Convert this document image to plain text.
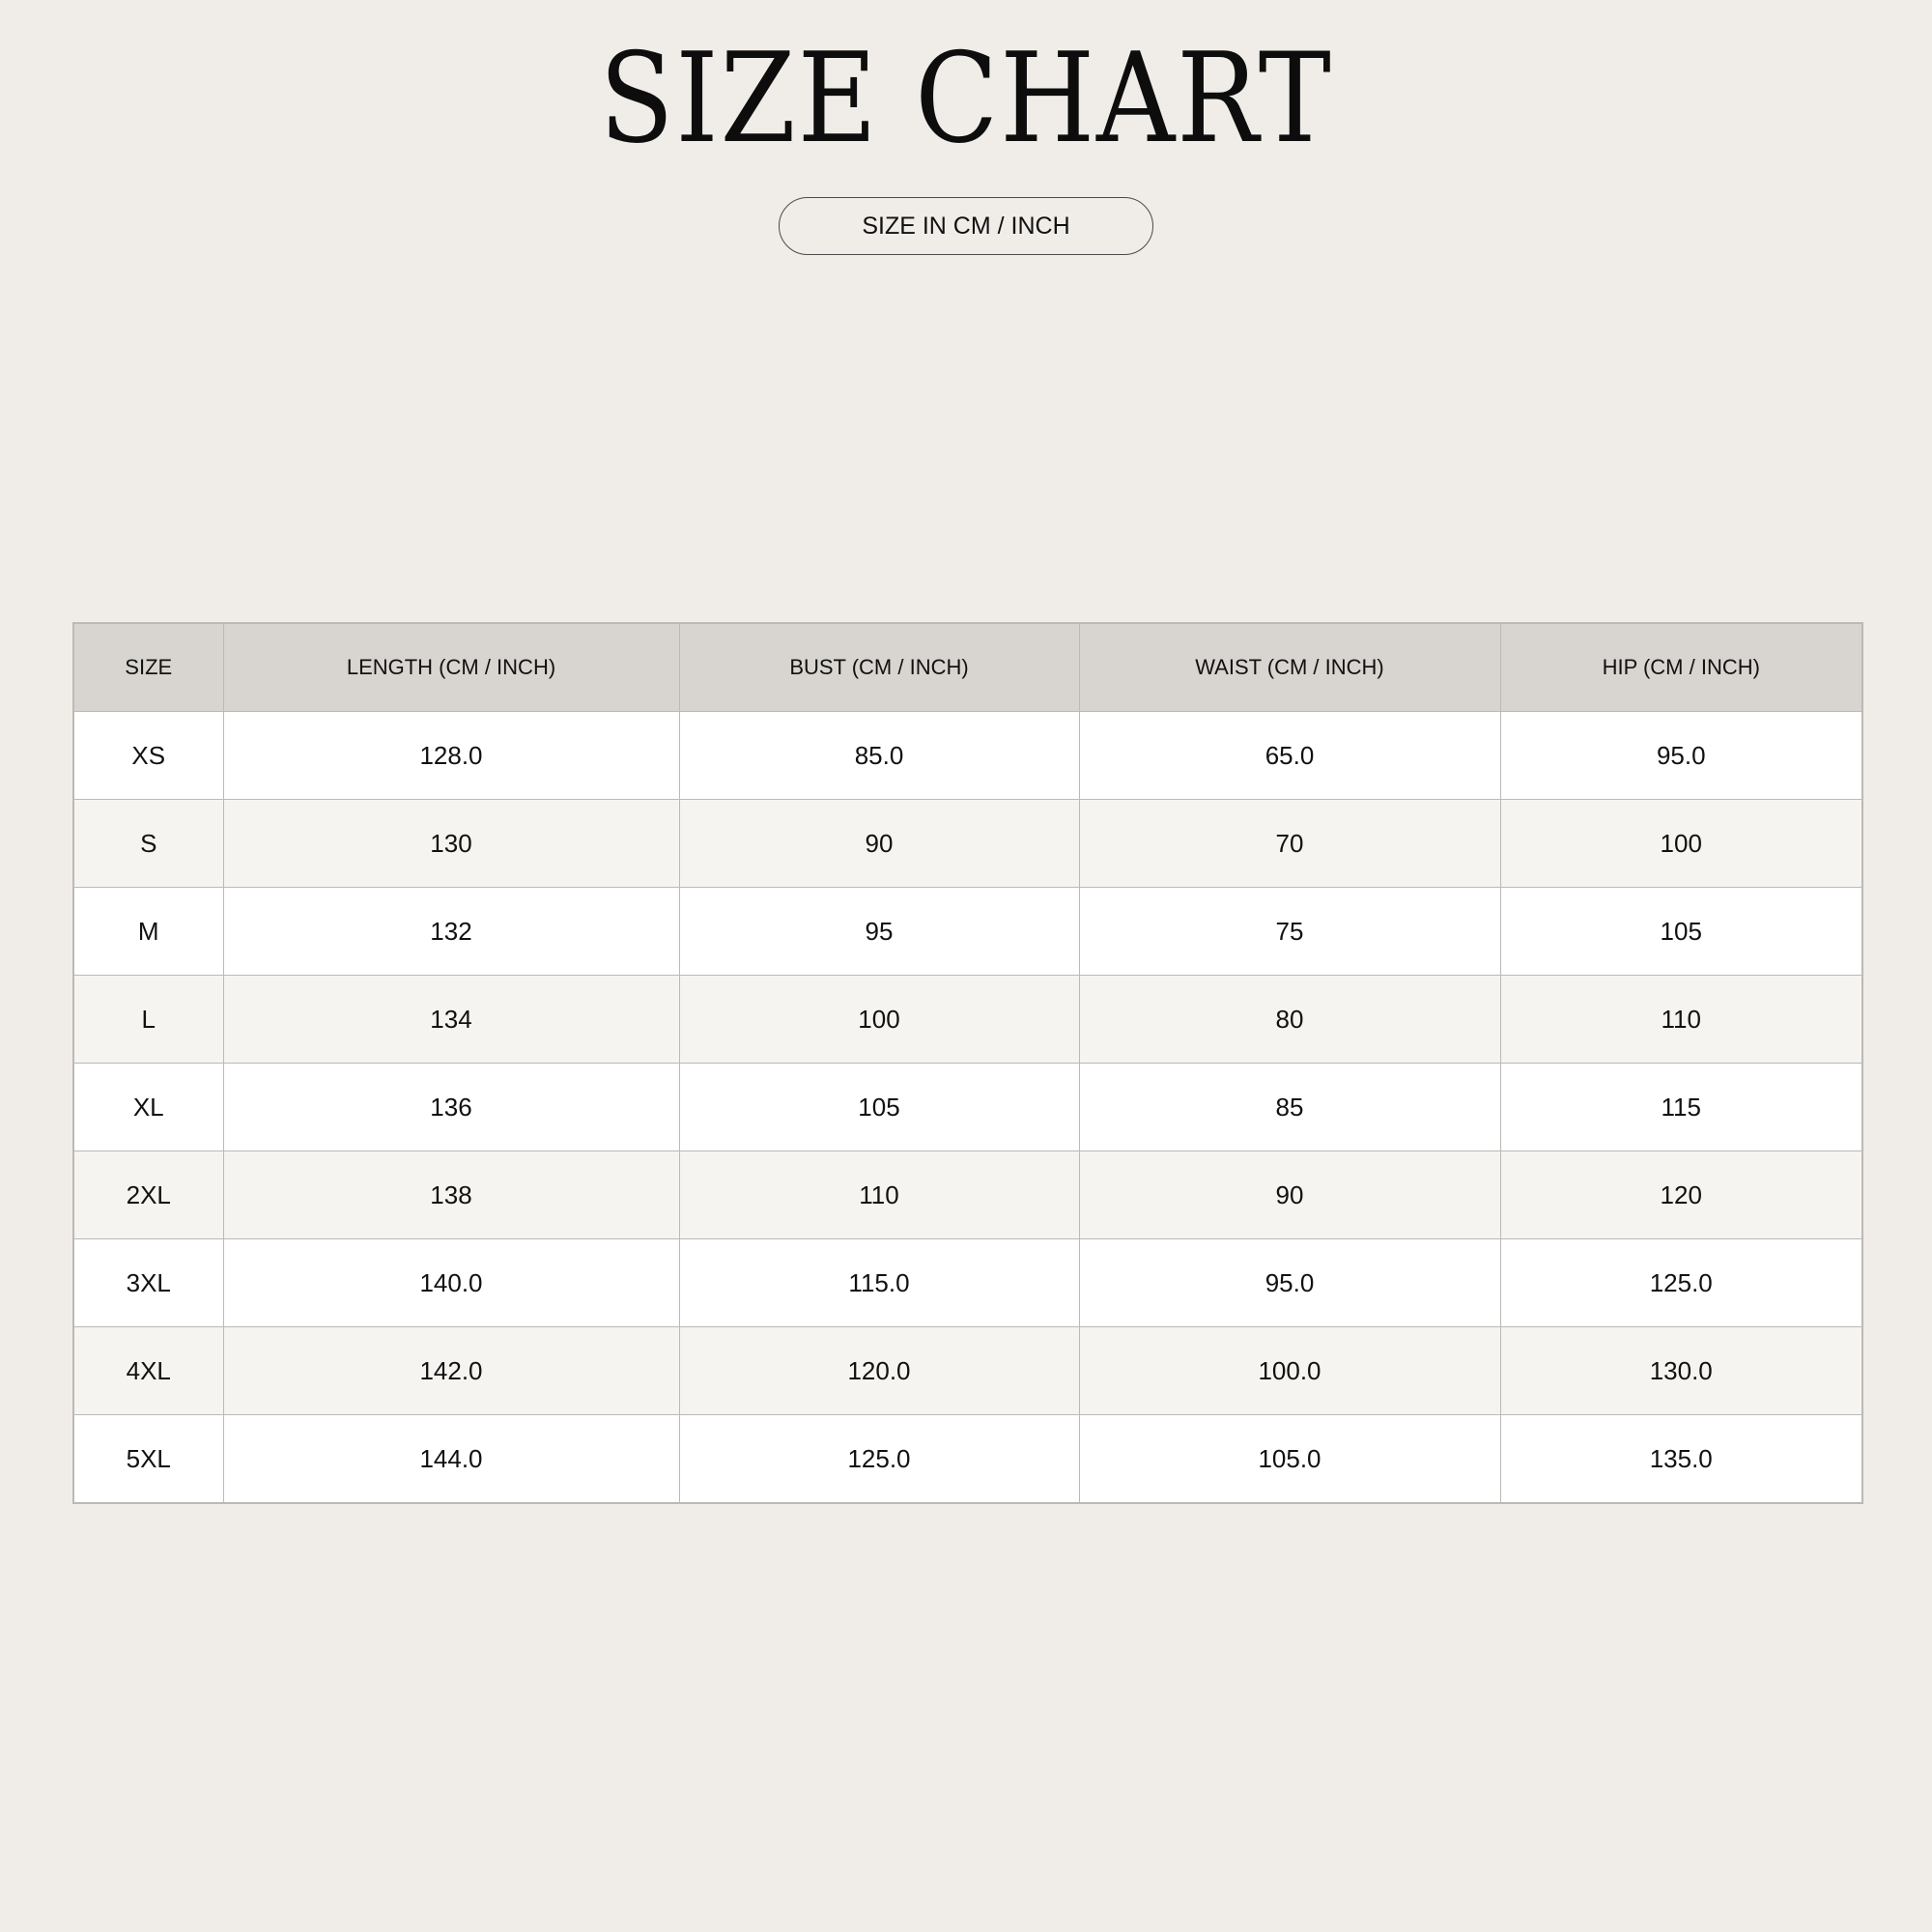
SIZE CHART
SIZE IN CM / INCH
SIZE	LENGTH (CM / INCH)	BUST (CM / INCH)	WAIST (CM / INCH)	HIP (CM / INCH)
XS	128.0	85.0	65.0	95.0
S	130	90	70	100
M	132	95	75	105
L	134	100	80	110
XL	136	105	85	115
2XL	138	110	90	120
3XL	140.0	115.0	95.0	125.0
4XL	142.0	120.0	100.0	130.0
5XL	144.0	125.0	105.0	135.0
